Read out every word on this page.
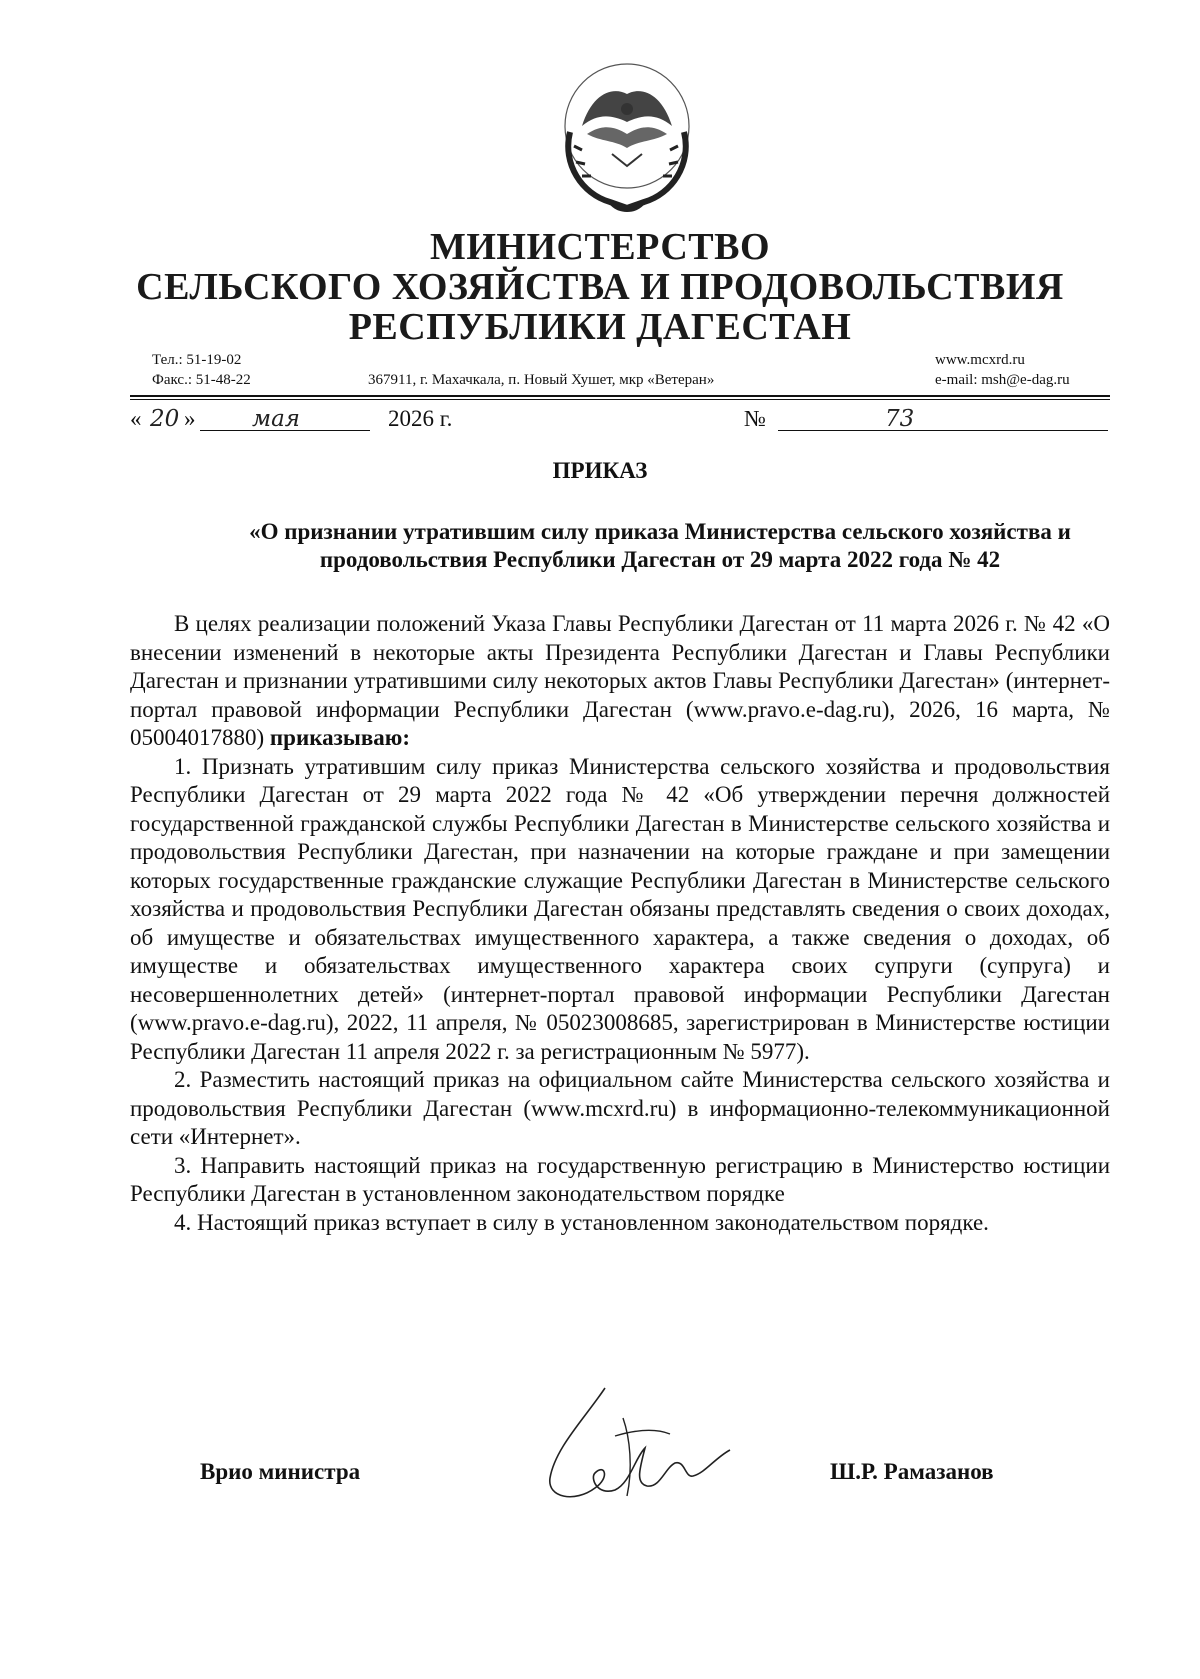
МИНИСТЕРСТВО
СЕЛЬСКОГО ХОЗЯЙСТВА И ПРОДОВОЛЬСТВИЯ
РЕСПУБЛИКИ ДАГЕСТАН
Тел.: 51-19-02
Факс.: 51-48-22	367911, г. Махачкала, п. Новый Хушет, мкр «Ветеран»
www.mcxrd.ru
e-mail: msh@e-dag.ru
« 20 » мая	2026 г.	№	73
ПРИКАЗ
«О признании утратившим силу приказа Министерства сельского хозяйства и продовольствия Республики Дагестан от 29 марта 2022 года № 42

В целях реализации положений Указа Главы Республики Дагестан от 11 марта 2026 г. № 42 «О внесении изменений в некоторые акты Президента Республики Дагестан и Главы Республики Дагестан и признании утратившими силу некоторых актов Главы Республики Дагестан» (интернет-портал правовой информации Республики Дагестан (www.pravo.e-dag.ru), 2026, 16 марта, № 05004017880) приказываю:

1. Признать утратившим силу приказ Министерства сельского хозяйства и продовольствия Республики Дагестан от 29 марта 2022 года № 42 «Об утверждении перечня должностей государственной гражданской службы Республики Дагестан в Министерстве сельского хозяйства и продовольствия Республики Дагестан, при назначении на которые граждане и при замещении которых государственные гражданские служащие Республики Дагестан в Министерстве сельского хозяйства и продовольствия Республики Дагестан обязаны представлять сведения о своих доходах, об имуществе и обязательствах имущественного характера, а также сведения о доходах, об имуществе и обязательствах имущественного характера своих супруги (супруга) и несовершеннолетних детей» (интернет-портал правовой информации Республики Дагестан (www.pravo.e-dag.ru), 2022, 11 апреля, № 05023008685, зарегистрирован в Министерстве юстиции Республики Дагестан 11 апреля 2022 г. за регистрационным № 5977).

2. Разместить настоящий приказ на официальном сайте Министерства сельского хозяйства и продовольствия Республики Дагестан (www.mcxrd.ru) в информационно-телекоммуникационной сети «Интернет».

3. Направить настоящий приказ на государственную регистрацию в Министерство юстиции Республики Дагестан в установленном законодательством порядке

4. Настоящий приказ вступает в силу в установленном законодательством порядке.

Врио министра	Ш.Р. Рамазанов
